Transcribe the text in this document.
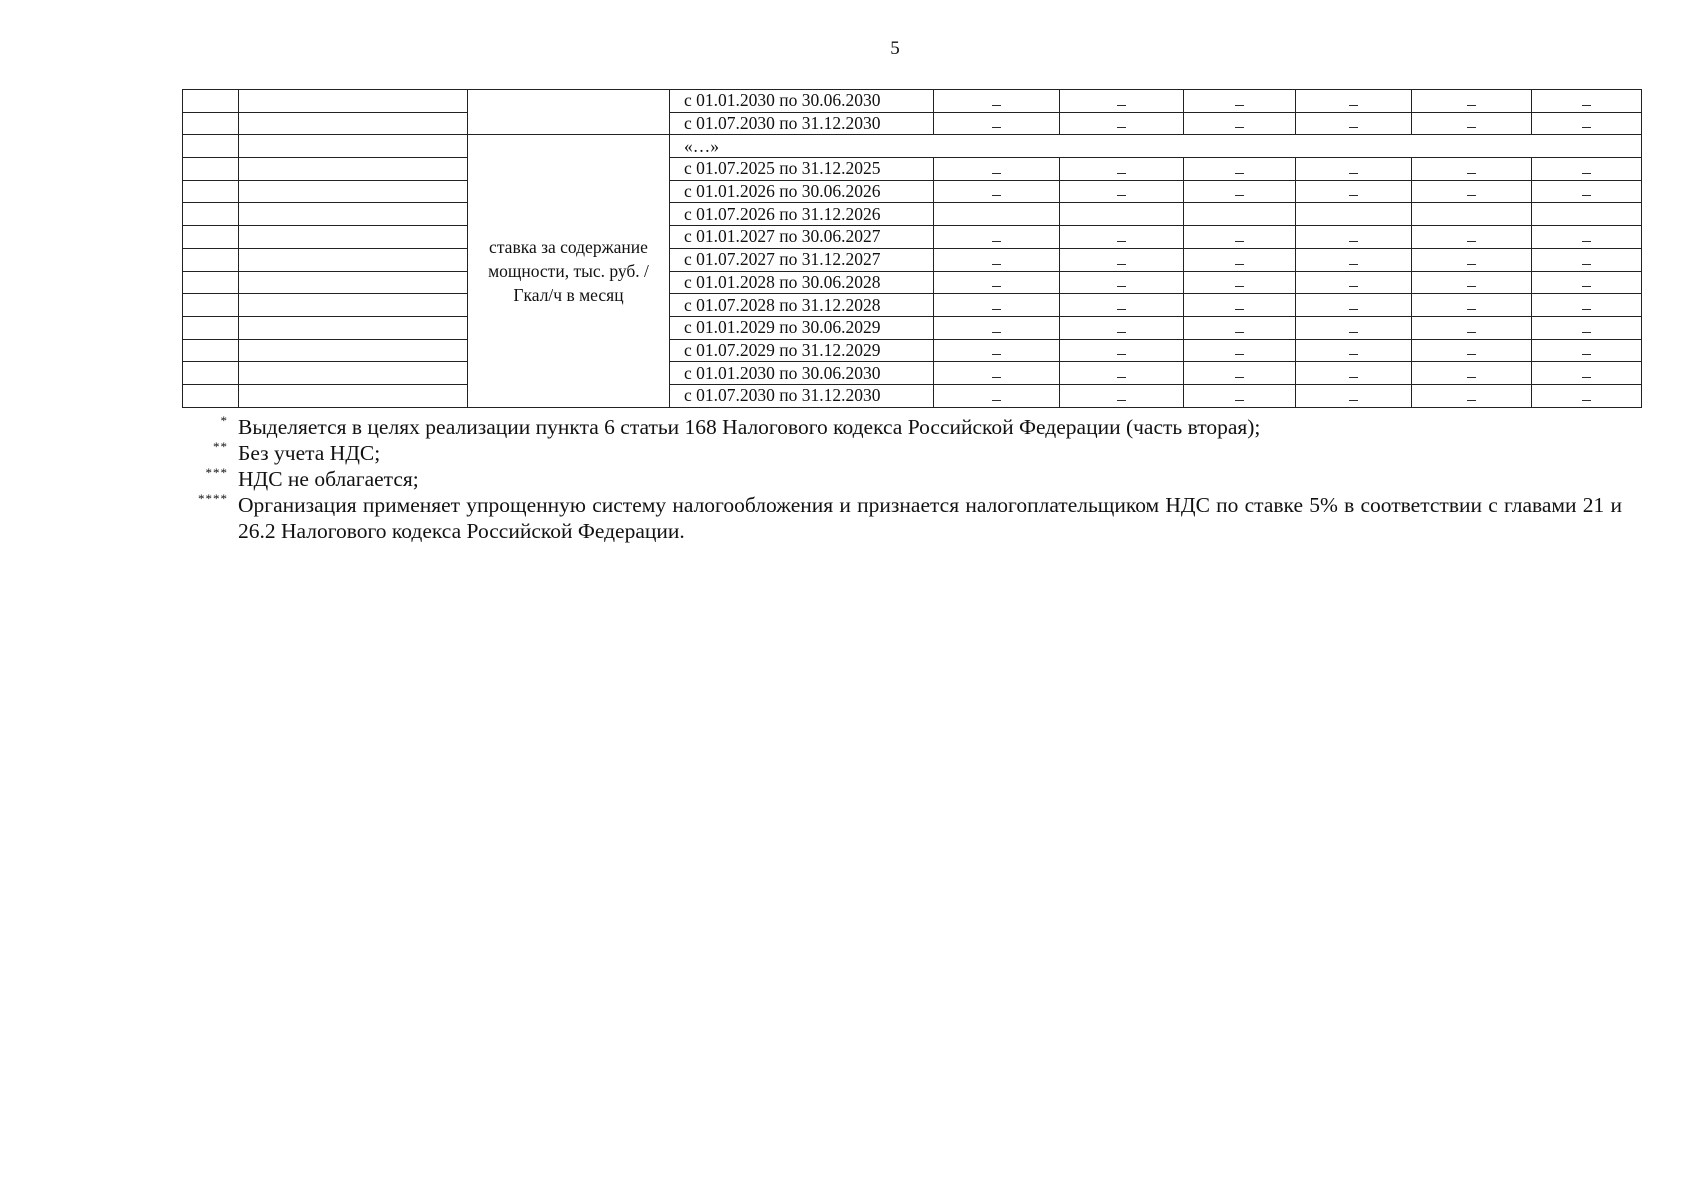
5
			с 01.01.2030 по 30.06.2030	–	–	–	–	–	–
			с 01.07.2030 по 31.12.2030	–	–	–	–	–	–
		ставка за содержание мощности, тыс. руб. /Гкал/ч в месяц	«…»						
			с 01.07.2025 по 31.12.2025	–	–	–	–	–	–
			с 01.01.2026 по 30.06.2026	–	–	–	–	–	–
			с 01.07.2026 по 31.12.2026						
			с 01.01.2027 по 30.06.2027	–	–	–	–	–	–
			с 01.07.2027 по 31.12.2027	–	–	–	–	–	–
			с 01.01.2028 по 30.06.2028	–	–	–	–	–	–
			с 01.07.2028 по 31.12.2028	–	–	–	–	–	–
			с 01.01.2029 по 30.06.2029	–	–	–	–	–	–
			с 01.07.2029 по 31.12.2029	–	–	–	–	–	–
			с 01.01.2030 по 30.06.2030	–	–	–	–	–	–
			с 01.07.2030 по 31.12.2030	–	–	–	–	–	–
* Выделяется в целях реализации пункта 6 статьи 168 Налогового кодекса Российской Федерации (часть вторая);
** Без учета НДС;
*** НДС не облагается;
**** Организация применяет упрощенную систему налогообложения и признается налогоплательщиком НДС по ставке 5% в соответствии с главами 21 и 26.2 Налогового кодекса Российской Федерации.
